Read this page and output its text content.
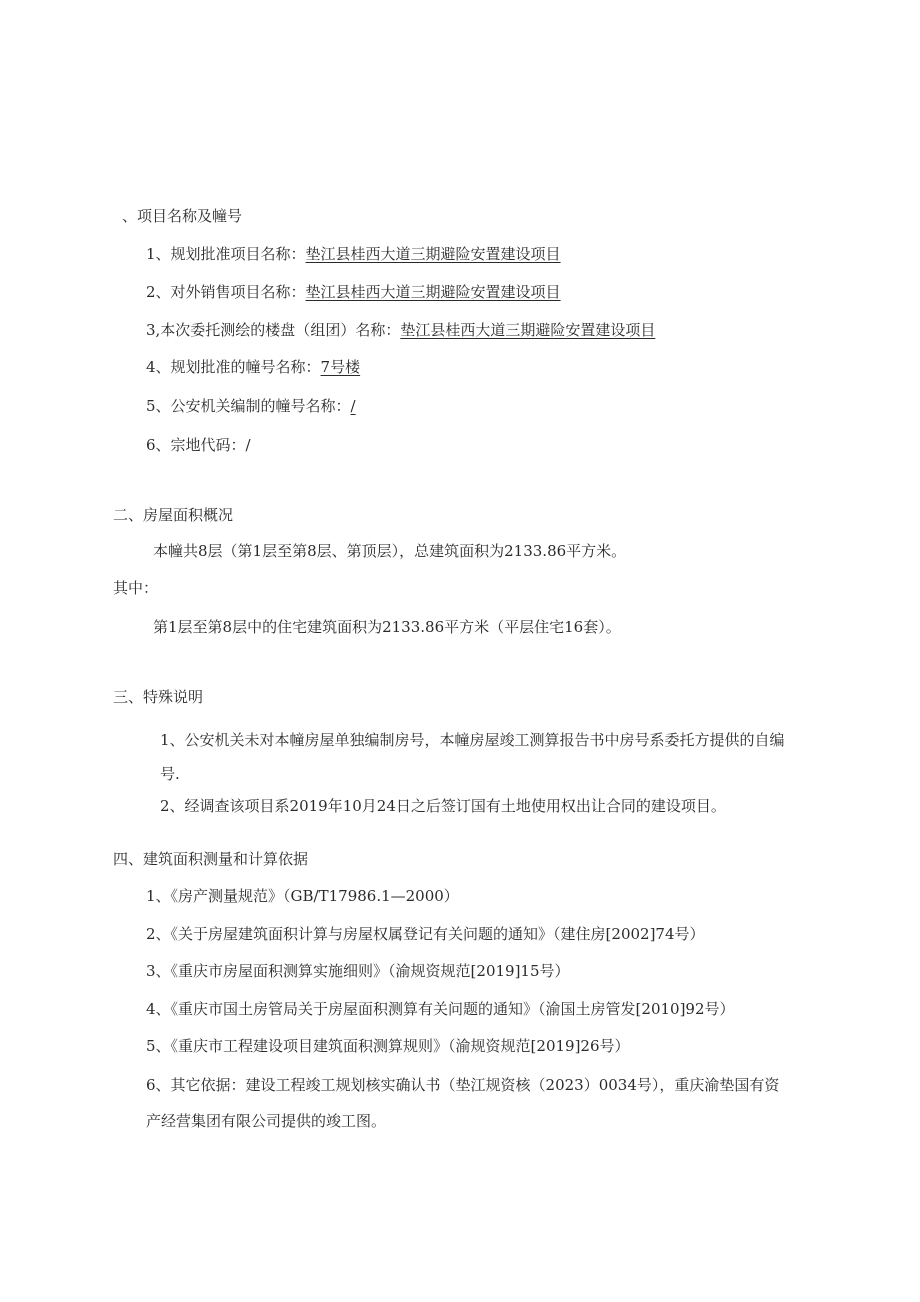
、项目名称及幢号
1、规划批准项目名称：垫江县桂西大道三期避险安置建设项目
2、对外销售项目名称：垫江县桂西大道三期避险安置建设项目
3,本次委托测绘的楼盘（组团）名称：垫江县桂西大道三期避险安置建设项目
4、规划批准的幢号名称：7号楼
5、公安机关编制的幢号名称：/
6、宗地代码：/
二、房屋面积概况
本幢共8层（第1层至第8层、第顶层），总建筑面积为2133.86平方米。
其中：
第1层至第8层中的住宅建筑面积为2133.86平方米（平层住宅16套）。
三、特殊说明
1、公安机关未对本幢房屋单独编制房号，本幢房屋竣工测算报告书中房号系委托方提供的自编
号.
2、经调查该项目系2019年10月24日之后签订国有土地使用权出让合同的建设项目。
四、建筑面积测量和计算依据
1、《房产测量规范》（GB/T17986.1—2000）
2、《关于房屋建筑面积计算与房屋权属登记有关问题的通知》（建住房[2002]74号）
3、《重庆市房屋面积测算实施细则》（渝规资规范[2019]15号）
4、《重庆市国土房管局关于房屋面积测算有关问题的通知》（渝国土房管发[2010]92号）
5、《重庆市工程建设项目建筑面积测算规则》（渝规资规范[2019]26号）
6、其它依据：建设工程竣工规划核实确认书（垫江规资核（2023）0034号），重庆渝垫国有资
产经营集团有限公司提供的竣工图。
